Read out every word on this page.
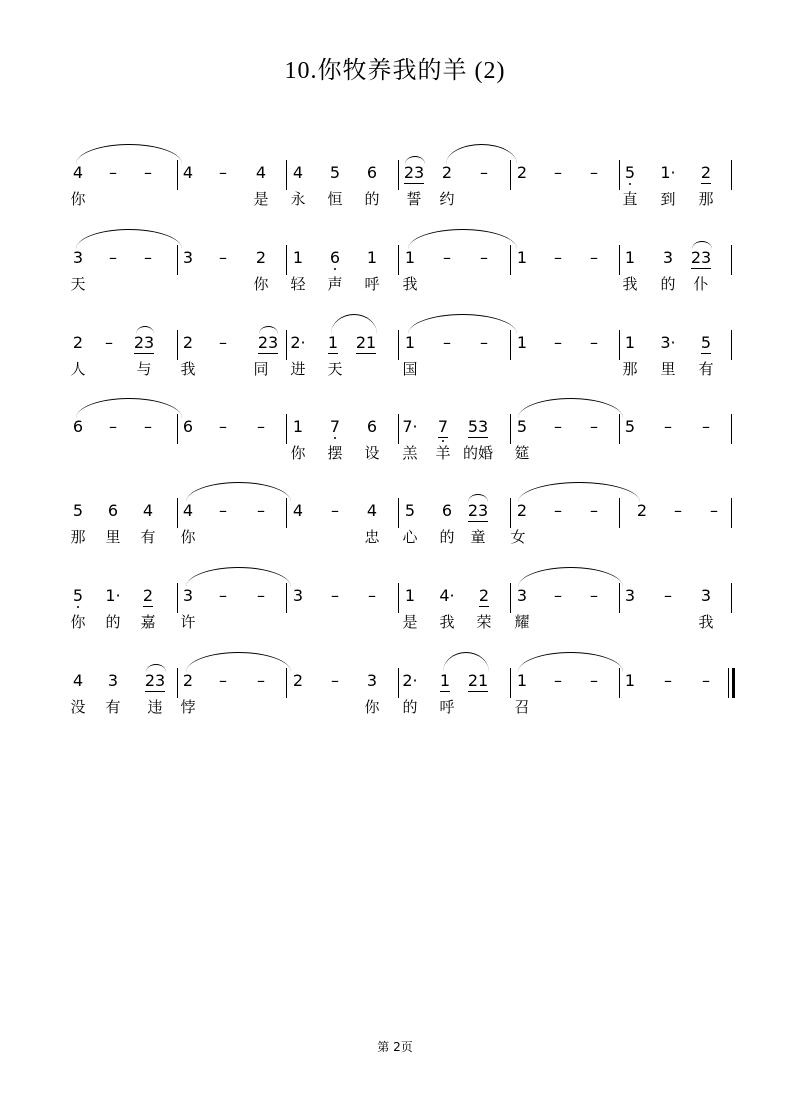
10.你牧养我的羊 (2)
4	–	–	4	–	4	4	5	6	23	2	–	2	–	–	5	1·	2
你	是	永	恒	的	誓	约	直	到	那
3	–	–	3	–	2	1	6	1	1	–	–	1	–	–	1	3	23
天	你	轻	声	呼	我	我	的	仆
2	–	23	2	–	23 2·	1	21	1	–	–	1	–	–	1	3·	5
人	与	我	同	进	天	国	那	里	有
6	–	–	6	–	–	1	7	6	7·	7	53	5	–	–	5	–	–
你	摆	设	羔	羊 的婚	筵
5	6	4	4	–	–	4	–	4	5	6 23	2	–	–	2	–	–
那	里	有	你	忠	心	的	童	女
5	1·	2	3	–	–	3	–	–	1	4·	2	3	–	–	3	–	3
你	的	嘉	许	是	我	荣	耀	我
4	3	23	2	–	–	2	–	3	2·	1	21	1	–	–	1	–	–
没	有	违	悖	你	的	呼	召
第 2页
